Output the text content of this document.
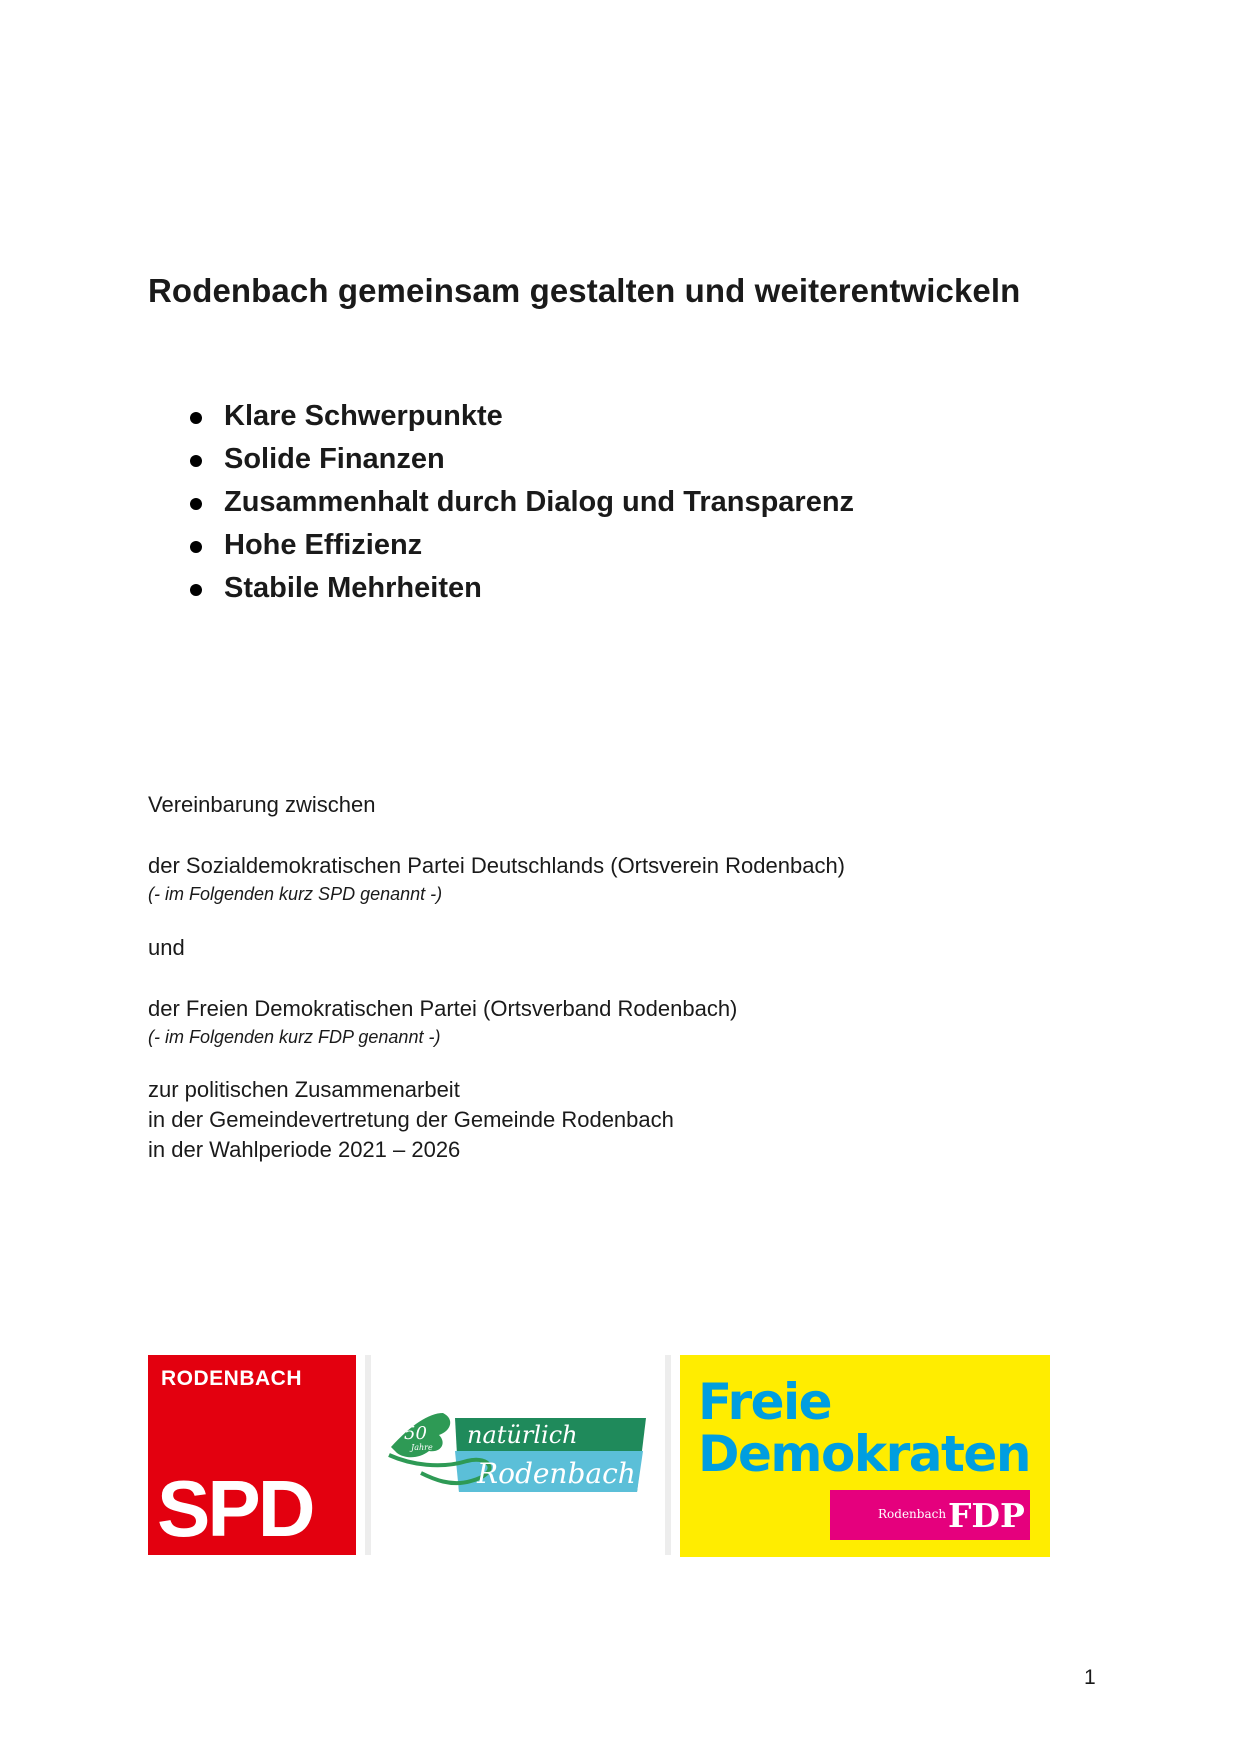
Rodenbach gemeinsam gestalten und weiterentwickeln
Klare Schwerpunkte
Solide Finanzen
Zusammenhalt durch Dialog und Transparenz
Hohe Effizienz
Stabile Mehrheiten

Vereinbarung zwischen

der Sozialdemokratischen Partei Deutschlands (Ortsverein Rodenbach)

(- im Folgenden kurz SPD genannt -)

und

der Freien Demokratischen Partei (Ortsverband Rodenbach)

(- im Folgenden kurz FDP genannt -)

zur politischen Zusammenarbeit

in der Gemeindevertretung der Gemeinde Rodenbach

in der Wahlperiode 2021 – 2026

RODENBACH
SPD
50
Jahre natürlich
Rodenbach
Freie
Demokraten
Rodenbach FDP
1
